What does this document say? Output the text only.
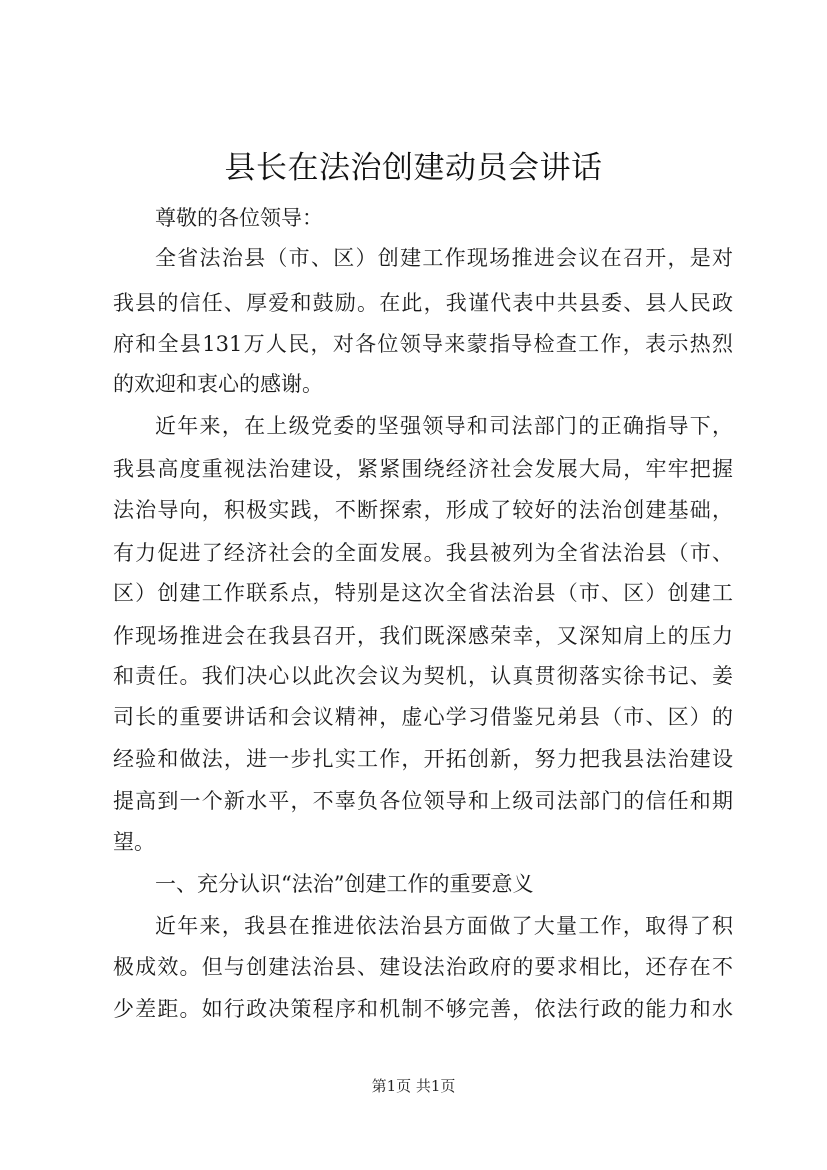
县长在法治创建动员会讲话
尊敬的各位领导：
全省法治县（市、区）创建工作现场推进会议在召开，是对
我县的信任、厚爱和鼓励。在此，我谨代表中共县委、县人民政
府和全县131万人民，对各位领导来蒙指导检查工作，表示热烈
的欢迎和衷心的感谢。
近年来，在上级党委的坚强领导和司法部门的正确指导下，
我县高度重视法治建设，紧紧围绕经济社会发展大局，牢牢把握
法治导向，积极实践，不断探索，形成了较好的法治创建基础，
有力促进了经济社会的全面发展。我县被列为全省法治县（市、
区）创建工作联系点，特别是这次全省法治县（市、区）创建工
作现场推进会在我县召开，我们既深感荣幸，又深知肩上的压力
和责任。我们决心以此次会议为契机，认真贯彻落实徐书记、姜
司长的重要讲话和会议精神，虚心学习借鉴兄弟县（市、区）的
经验和做法，进一步扎实工作，开拓创新，努力把我县法治建设
提高到一个新水平，不辜负各位领导和上级司法部门的信任和期
望。
一、充分认识“法治”创建工作的重要意义
近年来，我县在推进依法治县方面做了大量工作，取得了积
极成效。但与创建法治县、建设法治政府的要求相比，还存在不
少差距。如行政决策程序和机制不够完善，依法行政的能力和水
第1页 共1页
